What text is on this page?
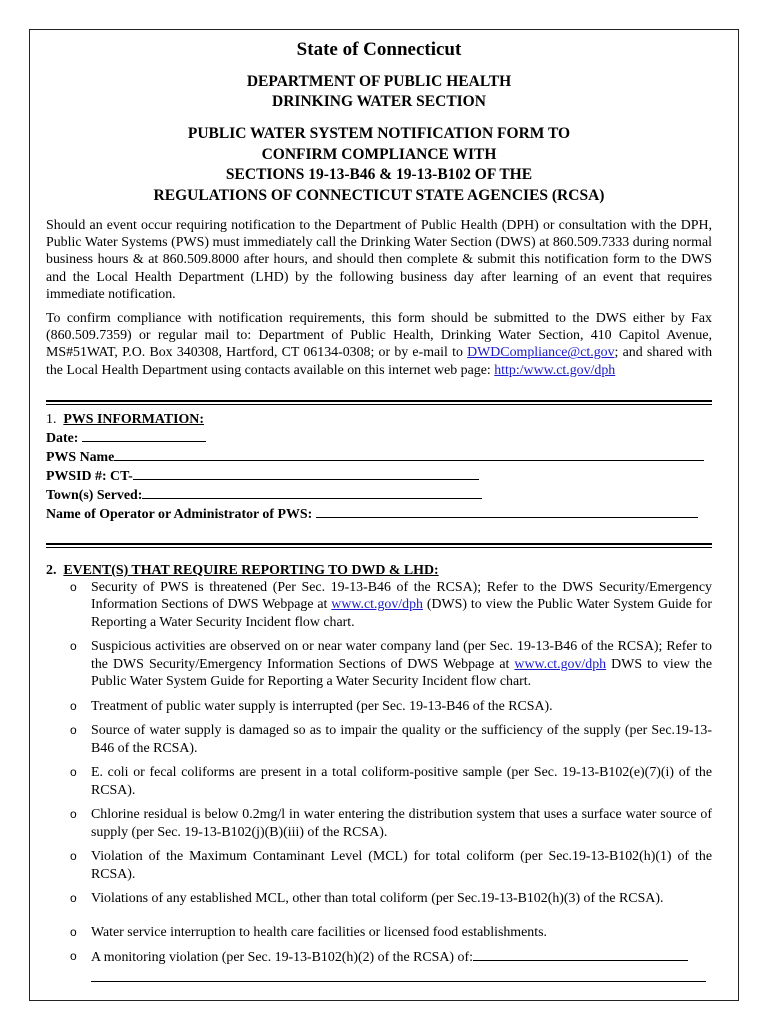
State of Connecticut
DEPARTMENT OF PUBLIC HEALTH
DRINKING WATER SECTION
PUBLIC WATER SYSTEM NOTIFICATION FORM TO
CONFIRM COMPLIANCE WITH
SECTIONS 19-13-B46 & 19-13-B102 OF THE
REGULATIONS OF CONNECTICUT STATE AGENCIES (RCSA)
Should an event occur requiring notification to the Department of Public Health (DPH) or consultation with the DPH, Public Water Systems (PWS) must immediately call the Drinking Water Section (DWS) at 860.509.7333 during normal business hours & at 860.509.8000 after hours, and should then complete & submit this notification form to the DWS and the Local Health Department (LHD) by the following business day after learning of an event that requires immediate notification.
To confirm compliance with notification requirements, this form should be submitted to the DWS either by Fax (860.509.7359) or regular mail to: Department of Public Health, Drinking Water Section, 410 Capitol Avenue, MS#51WAT, P.O. Box 340308, Hartford, CT 06134-0308; or by e-mail to DWDCompliance@ct.gov; and shared with the Local Health Department using contacts available on this internet web page: http:/www.ct.gov/dph
1. PWS INFORMATION:
Date:
PWS Name
PWSID #: CT-
Town(s) Served:
Name of Operator or Administrator of PWS:
2. EVENT(S) THAT REQUIRE REPORTING TO DWD & LHD:
o Security of PWS is threatened (Per Sec. 19-13-B46 of the RCSA); Refer to the DWS Security/Emergency Information Sections of DWS Webpage at www.ct.gov/dph (DWS) to view the Public Water System Guide for Reporting a Water Security Incident flow chart.
o Suspicious activities are observed on or near water company land (per Sec. 19-13-B46 of the RCSA); Refer to the DWS Security/Emergency Information Sections of DWS Webpage at www.ct.gov/dph DWS to view the Public Water System Guide for Reporting a Water Security Incident flow chart.
o Treatment of public water supply is interrupted (per Sec. 19-13-B46 of the RCSA).
o Source of water supply is damaged so as to impair the quality or the sufficiency of the supply (per Sec.19-13-B46 of the RCSA).
o E. coli or fecal coliforms are present in a total coliform-positive sample (per Sec. 19-13-B102(e)(7)(i) of the RCSA).
o Chlorine residual is below 0.2mg/l in water entering the distribution system that uses a surface water source of supply (per Sec. 19-13-B102(j)(B)(iii) of the RCSA).
o Violation of the Maximum Contaminant Level (MCL) for total coliform (per Sec.19-13-B102(h)(1) of the RCSA).
o Violations of any established MCL, other than total coliform (per Sec.19-13-B102(h)(3) of the RCSA).
o Water service interruption to health care facilities or licensed food establishments.
o A monitoring violation (per Sec. 19-13-B102(h)(2) of the RCSA) of:
